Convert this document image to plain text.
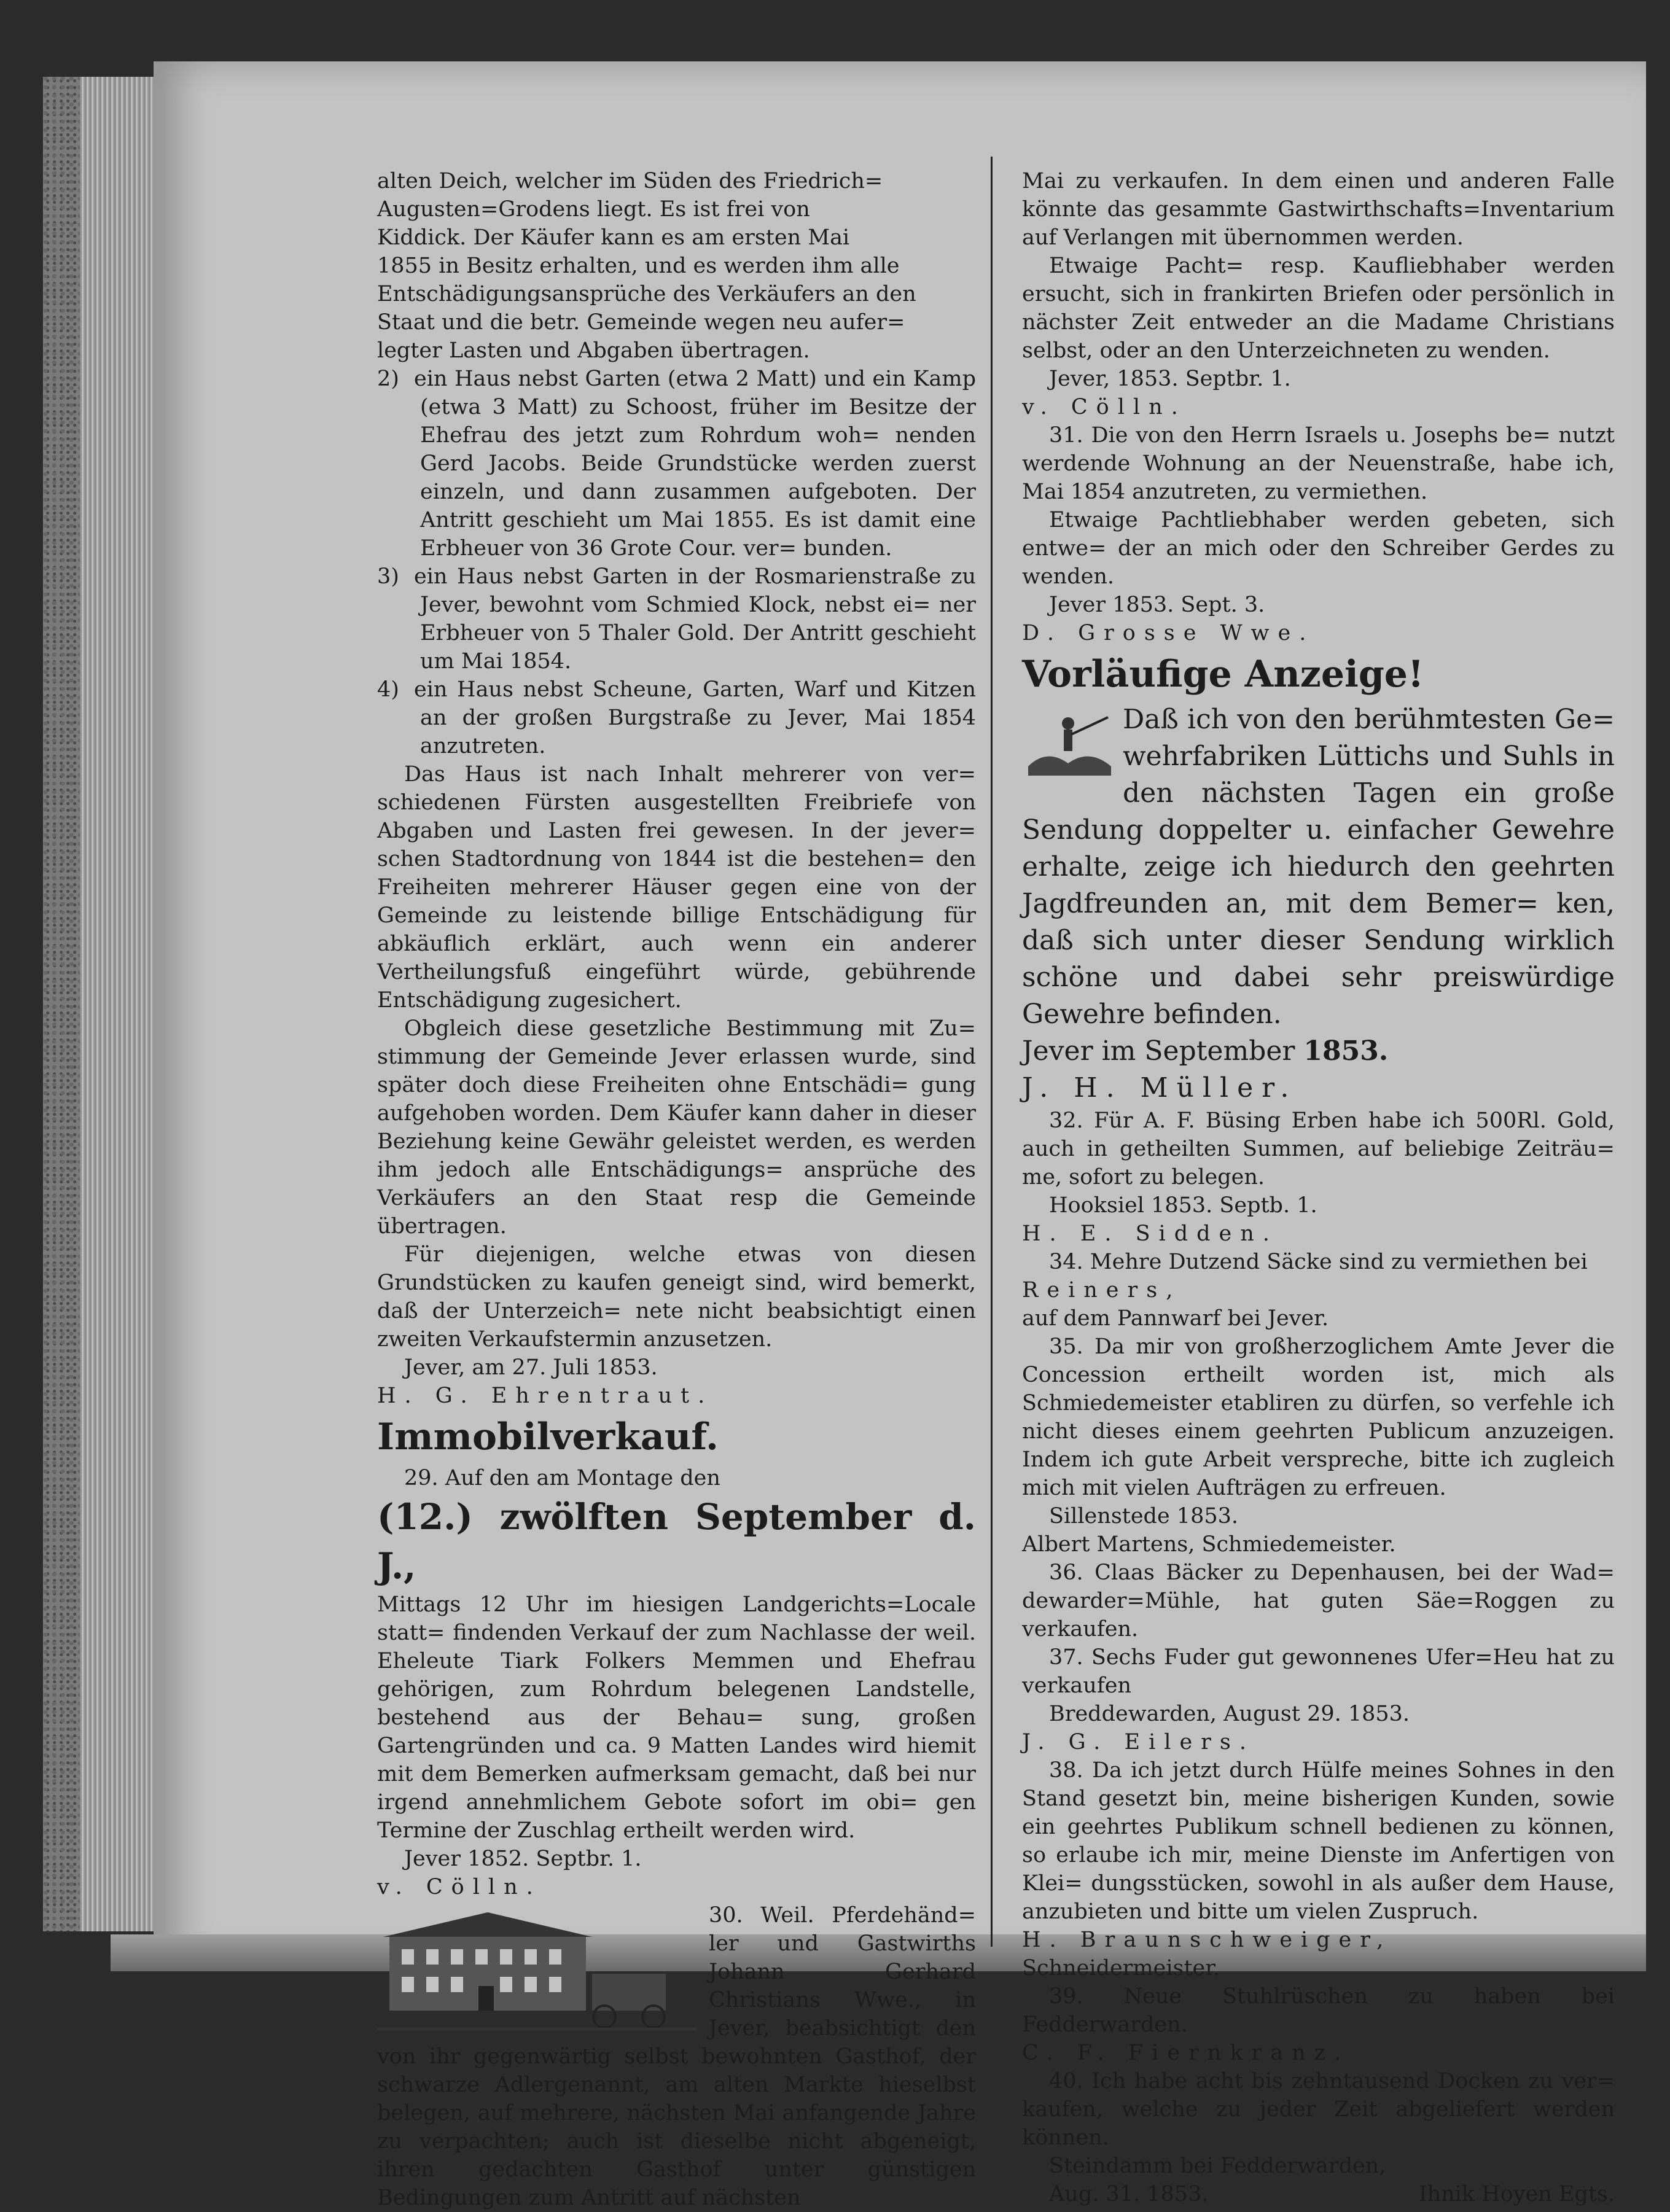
alten Deich, welcher im Süden des Friedrich=

Augusten=Grodens liegt. Es ist frei von

Kiddick. Der Käufer kann es am ersten Mai

1855 in Besitz erhalten, und es werden ihm alle

Entschädigungsansprüche des Verkäufers an den

Staat und die betr. Gemeinde wegen neu aufer=

legter Lasten und Abgaben übertragen.

2) ein Haus nebst Garten (etwa 2 Matt) und ein Kamp (etwa 3 Matt) zu Schoost, früher im Besitze der Ehefrau des jetzt zum Rohrdum woh= nenden Gerd Jacobs. Beide Grundstücke werden zuerst einzeln, und dann zusammen aufgeboten. Der Antritt geschieht um Mai 1855. Es ist damit eine Erbheuer von 36 Grote Cour. ver= bunden.

3) ein Haus nebst Garten in der Rosmarienstraße zu Jever, bewohnt vom Schmied Klock, nebst ei= ner Erbheuer von 5 Thaler Gold. Der Antritt geschieht um Mai 1854.

4) ein Haus nebst Scheune, Garten, Warf und Kitzen an der großen Burgstraße zu Jever, Mai 1854 anzutreten.

Das Haus ist nach Inhalt mehrerer von ver= schiedenen Fürsten ausgestellten Freibriefe von Abgaben und Lasten frei gewesen. In der jever= schen Stadtordnung von 1844 ist die bestehen= den Freiheiten mehrerer Häuser gegen eine von der Gemeinde zu leistende billige Entschädigung für abkäuflich erklärt, auch wenn ein anderer Vertheilungsfuß eingeführt würde, gebührende Entschädigung zugesichert.

Obgleich diese gesetzliche Bestimmung mit Zu= stimmung der Gemeinde Jever erlassen wurde, sind später doch diese Freiheiten ohne Entschädi= gung aufgehoben worden. Dem Käufer kann daher in dieser Beziehung keine Gewähr geleistet werden, es werden ihm jedoch alle Entschädigungs= ansprüche des Verkäufers an den Staat resp die Gemeinde übertragen.

Für diejenigen, welche etwas von diesen Grundstücken zu kaufen geneigt sind, wird bemerkt, daß der Unterzeich= nete nicht beabsichtigt einen zweiten Verkaufstermin anzusetzen.

Jever, am 27. Juli 1853.

H. G. Ehrentraut.

Immobilverkauf.

29. Auf den am Montage den

(12.) zwölften September d. J.,

Mittags 12 Uhr im hiesigen Landgerichts=Locale statt= findenden Verkauf der zum Nachlasse der weil. Eheleute Tiark Folkers Memmen und Ehefrau gehörigen, zum Rohrdum belegenen Landstelle, bestehend aus der Behau= sung, großen Gartengründen und ca. 9 Matten Landes wird hiemit mit dem Bemerken aufmerksam gemacht, daß bei nur irgend annehmlichem Gebote sofort im obi= gen Termine der Zuschlag ertheilt werden wird.

Jever 1852. Septbr. 1.

v. Cölln.

30. Weil. Pferdehänd= ler und Gastwirths Johann Gerhard Christians Wwe., in Jever, beabsichtigt den von ihr gegenwärtig selbst bewohnten Gasthof, der schwarze Adlergenannt, am alten Markte hieselbst belegen, auf mehrere, nächsten Mai anfangende Jahre zu verpachten; auch ist dieselbe nicht abgeneigt, ihren gedachten Gasthof unter günstigen Bedingungen zum Antritt auf nächsten

Mai zu verkaufen. In dem einen und anderen Falle könnte das gesammte Gastwirthschafts=Inventarium auf Verlangen mit übernommen werden.

Etwaige Pacht= resp. Kaufliebhaber werden ersucht, sich in frankirten Briefen oder persönlich in nächster Zeit entweder an die Madame Christians selbst, oder an den Unterzeichneten zu wenden.

Jever, 1853. Septbr. 1.

v. Cölln.

31. Die von den Herrn Israels u. Josephs be= nutzt werdende Wohnung an der Neuenstraße, habe ich, Mai 1854 anzutreten, zu vermiethen.

Etwaige Pachtliebhaber werden gebeten, sich entwe= der an mich oder den Schreiber Gerdes zu wenden.

Jever 1853. Sept. 3.

D. Grosse Wwe.

Vorläufige Anzeige!

Daß ich von den berühmtesten Ge= wehrfabriken Lüttichs und Suhls in den nächsten Tagen ein große Sendung doppelter u. einfacher Gewehre erhalte, zeige ich hiedurch den geehrten Jagdfreunden an, mit dem Bemer= ken, daß sich unter dieser Sendung wirklich schöne und dabei sehr preiswürdige Gewehre befinden.

Jever im September 1853.

J. H. Müller.

32. Für A. F. Büsing Erben habe ich 500Rl. Gold, auch in getheilten Summen, auf beliebige Zeiträu= me, sofort zu belegen.

Hooksiel 1853. Septb. 1.

H. E. Sidden.

34. Mehre Dutzend Säcke sind zu vermiethen bei

Reiners,

auf dem Pannwarf bei Jever.

35. Da mir von großherzoglichem Amte Jever die Concession ertheilt worden ist, mich als Schmiedemeister etabliren zu dürfen, so verfehle ich nicht dieses einem geehrten Publicum anzuzeigen. Indem ich gute Arbeit verspreche, bitte ich zugleich mich mit vielen Aufträgen zu erfreuen.

Sillenstede 1853.

Albert Martens, Schmiedemeister.

36. Claas Bäcker zu Depenhausen, bei der Wad= dewarder=Mühle, hat guten Säe=Roggen zu verkaufen.

37. Sechs Fuder gut gewonnenes Ufer=Heu hat zu verkaufen

Breddewarden, August 29. 1853.

J. G. Eilers.

38. Da ich jetzt durch Hülfe meines Sohnes in den Stand gesetzt bin, meine bisherigen Kunden, sowie ein geehrtes Publikum schnell bedienen zu können, so erlaube ich mir, meine Dienste im Anfertigen von Klei= dungsstücken, sowohl in als außer dem Hause, anzubieten und bitte um vielen Zuspruch.

H. Braunschweiger,

Schneidermeister.

39. Neue Stuhlrüschen zu haben bei Fedderwarden.

C. F. Fiernkranz.

40. Ich habe acht bis zehntausend Docken zu ver= kaufen, welche zu jeder Zeit abgeliefert werden können.

Steindamm bei Fedderwarden,

Aug. 31. 1853.	Ihnik Hoyen Egts.
